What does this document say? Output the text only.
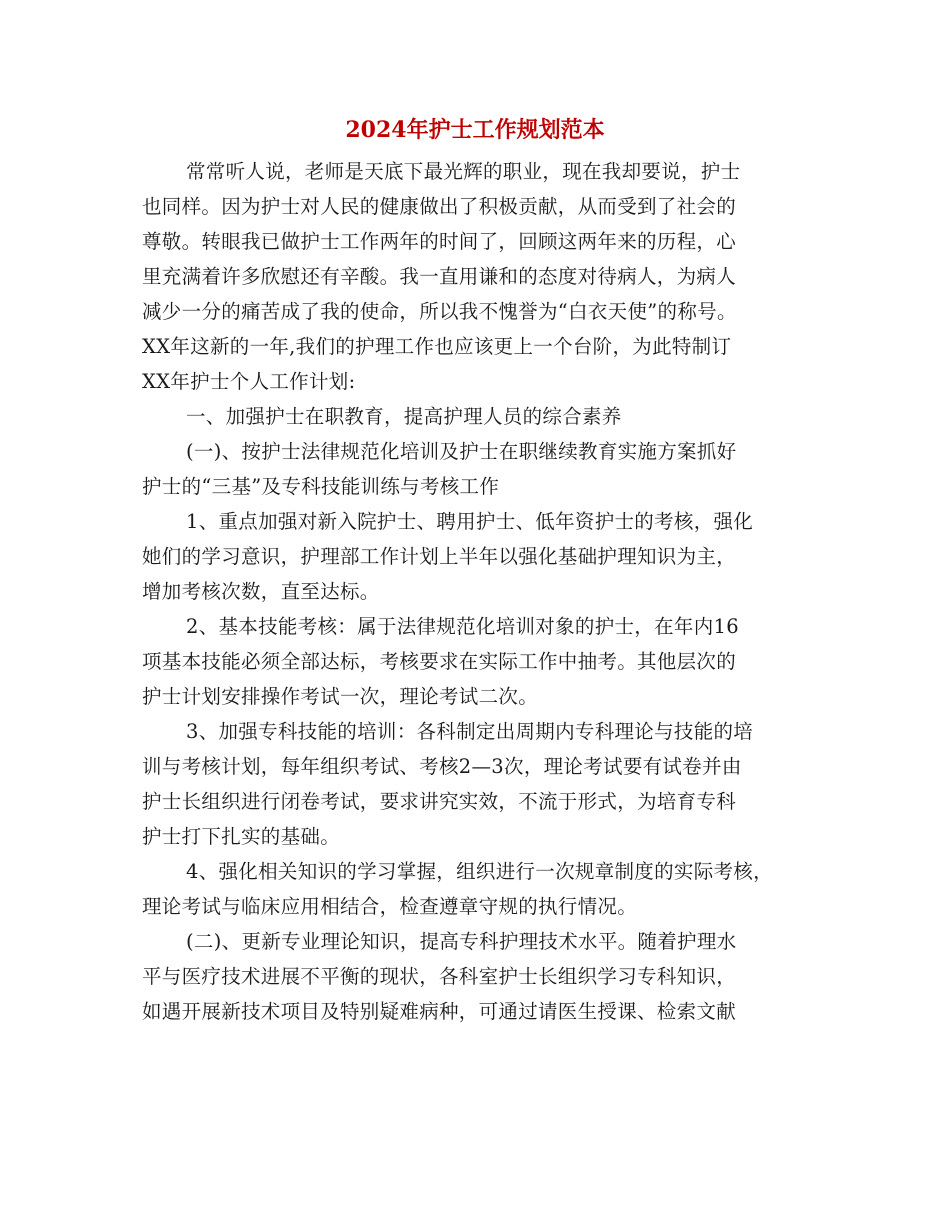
2024年护士工作规划范本
常常听人说，老师是天底下最光辉的职业，现在我却要说，护士
也同样。因为护士对人民的健康做出了积极贡献，从而受到了社会的
尊敬。转眼我已做护士工作两年的时间了，回顾这两年来的历程，心
里充满着许多欣慰还有辛酸。我一直用谦和的态度对待病人，为病人
减少一分的痛苦成了我的使命，所以我不愧誉为“白衣天使”的称号。
XX年这新的一年,我们的护理工作也应该更上一个台阶，为此特制订
XX年护士个人工作计划:
一、加强护士在职教育，提高护理人员的综合素养
(一)、按护士法律规范化培训及护士在职继续教育实施方案抓好
护士的“三基”及专科技能训练与考核工作
1、重点加强对新入院护士、聘用护士、低年资护士的考核，强化
她们的学习意识，护理部工作计划上半年以强化基础护理知识为主，
增加考核次数，直至达标。
2、基本技能考核：属于法律规范化培训对象的护士，在年内16
项基本技能必须全部达标，考核要求在实际工作中抽考。其他层次的
护士计划安排操作考试一次，理论考试二次。
3、加强专科技能的培训：各科制定出周期内专科理论与技能的培
训与考核计划，每年组织考试、考核2—3次，理论考试要有试卷并由
护士长组织进行闭卷考试，要求讲究实效，不流于形式，为培育专科
护士打下扎实的基础。
4、强化相关知识的学习掌握，组织进行一次规章制度的实际考核，
理论考试与临床应用相结合，检查遵章守规的执行情况。
(二)、更新专业理论知识，提高专科护理技术水平。随着护理水
平与医疗技术进展不平衡的现状，各科室护士长组织学习专科知识，
如遇开展新技术项目及特别疑难病种，可通过请医生授课、检索文献
